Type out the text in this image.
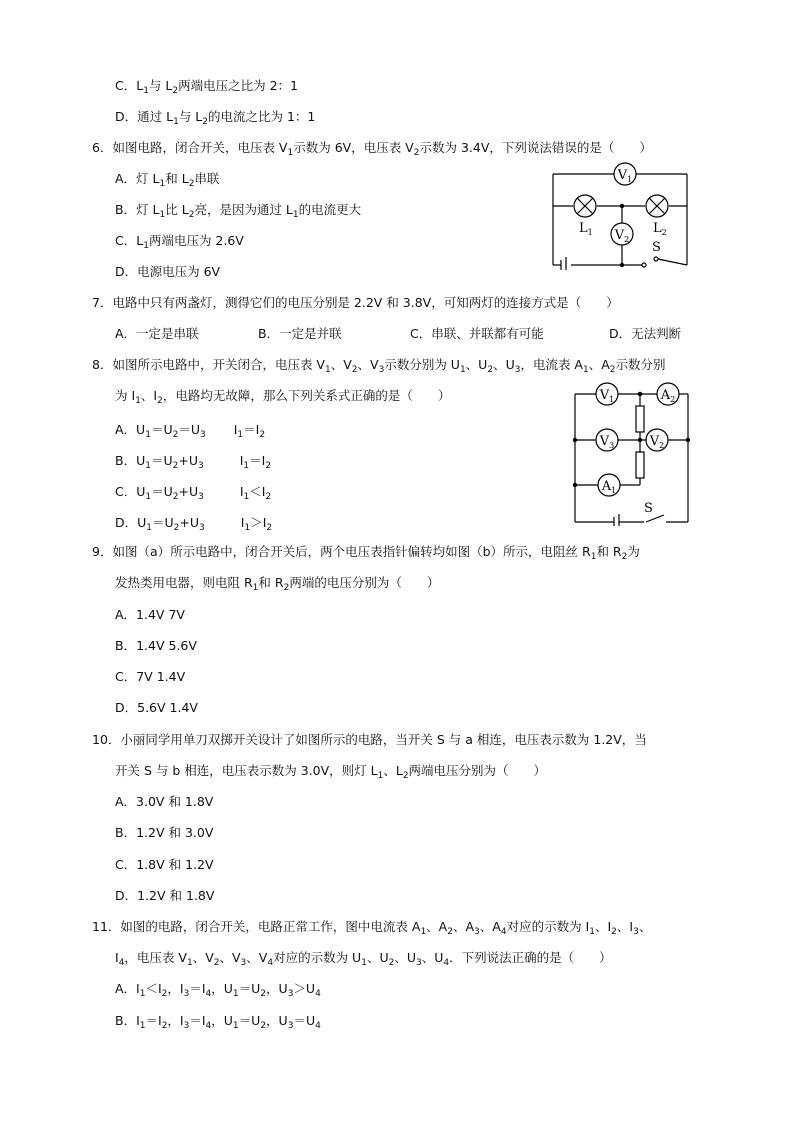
C．$L_1$与 $L_2$两端电压之比为 2：1
D．通过 $L_1$与 $L_2$的电流之比为 1：1
6．如图电路，闭合开关，电压表 $V_1$示数为 6V，电压表 $V_2$示数为 3.4V，下列说法错误的是（　　）
A．灯 $L_1$和 $L_2$串联
B．灯 $L_1$比 $L_2$亮，是因为通过 $L_1$的电流更大
C．$L_1$两端电压为 2.6V
D．电源电压为 6V
$V_1$
$V_2$
$L_1$	$L_2$
S
7．电路中只有两盏灯，测得它们的电压分别是 2.2V 和 3.8V，可知两灯的连接方式是（　　）
A．一定是串联	B．一定是并联	C．串联、并联都有可能	D．无法判断
8．如图所示电路中，开关闭合，电压表 $V_1$、$V_2$、$V_3$示数分别为 $U_1$、$U_2$、$U_3$，电流表 $A_1$、$A_2$示数分别
为 $I_1$、$I_2$，电路均无故障，那么下列关系式正确的是（　　）
A．$U_1=U_2=U_3$ $I_1=I_2$
B．$U_1=U_2+U_3$	$I_1=I_2$
C．$U_1=U_2+U_3$	$I_1<I_2$
D．$U_1=U_2+U_3$	$I_1>I_2$
$V_1$	$A_2$
$V_3$	$V_2$
$A_1$
S
9．如图（a）所示电路中，闭合开关后，两个电压表指针偏转均如图（b）所示，电阻丝 $R_1$和 $R_2$为
发热类用电器，则电阻 $R_1$和 $R_2$两端的电压分别为（　　）
A．1.4V 7V
B．1.4V 5.6V
C．7V 1.4V
D．5.6V 1.4V
10．小丽同学用单刀双掷开关设计了如图所示的电路，当开关 S 与 a 相连，电压表示数为 1.2V，当
开关 S 与 b 相连，电压表示数为 3.0V，则灯 $L_1$、$L_2$两端电压分别为（　　）
A．3.0V 和 1.8V
B．1.2V 和 3.0V
C．1.8V 和 1.2V
D．1.2V 和 1.8V
11．如图的电路，闭合开关，电路正常工作，图中电流表 $A_1$、$A_2$、$A_3$、$A_4$对应的示数为 $I_1$、$I_2$、$I_3$、
$I_4$，电压表 $V_1$、$V_2$、$V_3$、$V_4$对应的示数为 $U_1$、$U_2$、$U_3$、$U_4$．下列说法正确的是（　　）
A．$I_1<I_2$，$I_3=I_4$，$U_1=U_2$，$U_3>U_4$
B．$I_1=I_2$，$I_3=I_4$，$U_1=U_2$，$U_3=U_4$
